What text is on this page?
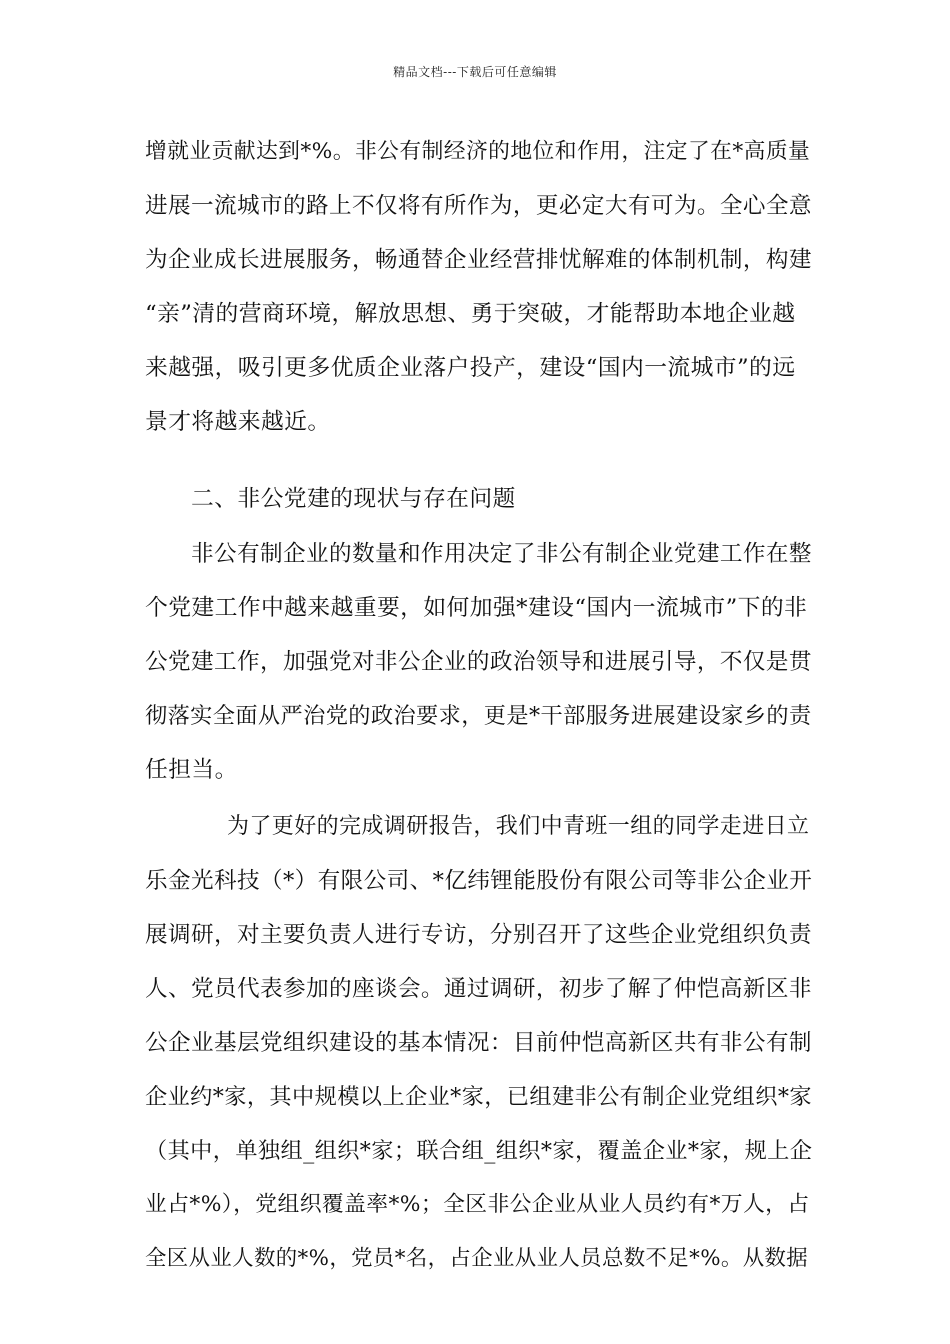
精品文档---下载后可任意编辑
增就业贡献达到*%。非公有制经济的地位和作用，注定了在*高质量
进展一流城市的路上不仅将有所作为，更必定大有可为。全心全意
为企业成长进展服务，畅通替企业经营排忧解难的体制机制，构建
“亲”清的营商环境，解放思想、勇于突破，才能帮助本地企业越
来越强，吸引更多优质企业落户投产，建设“国内一流城市”的远
景才将越来越近。
二、非公党建的现状与存在问题
非公有制企业的数量和作用决定了非公有制企业党建工作在整
个党建工作中越来越重要，如何加强*建设“国内一流城市”下的非
公党建工作，加强党对非公企业的政治领导和进展引导，不仅是贯
彻落实全面从严治党的政治要求，更是*干部服务进展建设家乡的责
任担当。
为了更好的完成调研报告，我们中青班一组的同学走进日立
乐金光科技（*）有限公司、*亿纬锂能股份有限公司等非公企业开
展调研，对主要负责人进行专访，分别召开了这些企业党组织负责
人、党员代表参加的座谈会。通过调研，初步了解了仲恺高新区非
公企业基层党组织建设的基本情况：目前仲恺高新区共有非公有制
企业约*家，其中规模以上企业*家，已组建非公有制企业党组织*家
（其中，单独组_组织*家；联合组_组织*家，覆盖企业*家，规上企
业占*%），党组织覆盖率*%；全区非公企业从业人员约有*万人，占
全区从业人数的*%，党员*名，占企业从业人员总数不足*%。从数据
